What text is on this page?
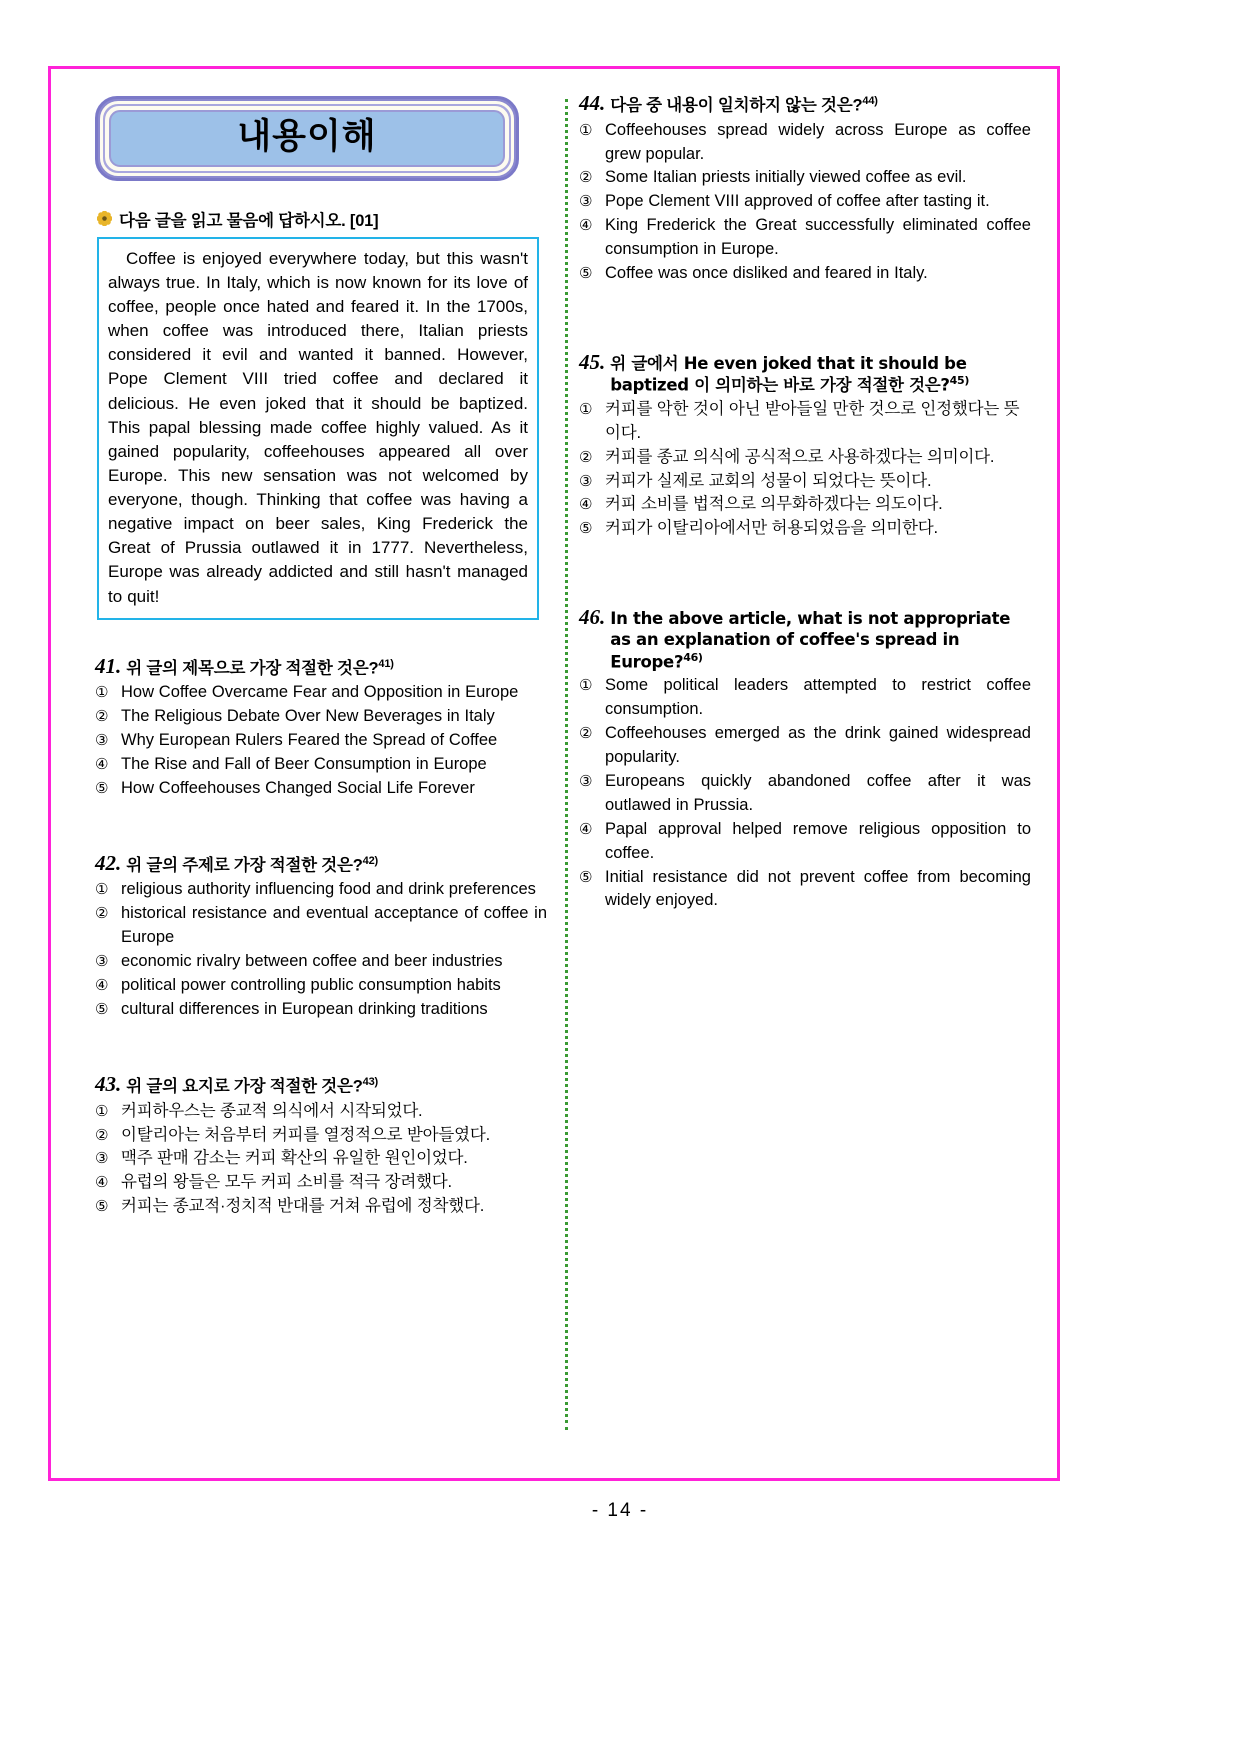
내용이해
다음 글을 읽고 물음에 답하시오. [01]
Coffee is enjoyed everywhere today, but this wasn't always true. In Italy, which is now known for its love of coffee, people once hated and feared it. In the 1700s, when coffee was introduced there, Italian priests considered it evil and wanted it banned. However, Pope Clement VIII tried coffee and declared it delicious. He even joked that it should be baptized. This papal blessing made coffee highly valued. As it gained popularity, coffeehouses appeared all over Europe. This new sensation was not welcomed by everyone, though. Thinking that coffee was having a negative impact on beer sales, King Frederick the Great of Prussia outlawed it in 1777. Nevertheless, Europe was already addicted and still hasn't managed to quit!
41. 위 글의 제목으로 가장 적절한 것은?$^{41)}$
① How Coffee Overcame Fear and Opposition in Europe
② The Religious Debate Over New Beverages in Italy
③ Why European Rulers Feared the Spread of Coffee
④ The Rise and Fall of Beer Consumption in Europe
⑤ How Coffeehouses Changed Social Life Forever
42. 위 글의 주제로 가장 적절한 것은?$^{42)}$
① religious authority influencing food and drink preferences
② historical resistance and eventual acceptance of coffee in Europe
③ economic rivalry between coffee and beer industries
④ political power controlling public consumption habits
⑤ cultural differences in European drinking traditions
43. 위 글의 요지로 가장 적절한 것은?$^{43)}$
① 커피하우스는 종교적 의식에서 시작되었다.
② 이탈리아는 처음부터 커피를 열정적으로 받아들였다.
③ 맥주 판매 감소는 커피 확산의 유일한 원인이었다.
④ 유럽의 왕들은 모두 커피 소비를 적극 장려했다.
⑤ 커피는 종교적·정치적 반대를 거쳐 유럽에 정착했다.
44. 다음 중 내용이 일치하지 않는 것은?$^{44)}$
① Coffeehouses spread widely across Europe as coffee grew popular.
② Some Italian priests initially viewed coffee as evil.
③ Pope Clement VIII approved of coffee after tasting it.
④ King Frederick the Great successfully eliminated coffee consumption in Europe.
⑤ Coffee was once disliked and feared in Italy.
45. 위 글에서 He even joked that it should be baptized 이 의미하는 바로 가장 적절한 것은?$^{45)}$
① 커피를 악한 것이 아닌 받아들일 만한 것으로 인정했다는 뜻이다.
② 커피를 종교 의식에 공식적으로 사용하겠다는 의미이다.
③ 커피가 실제로 교회의 성물이 되었다는 뜻이다.
④ 커피 소비를 법적으로 의무화하겠다는 의도이다.
⑤ 커피가 이탈리아에서만 허용되었음을 의미한다.
46. In the above article, what is not appropriate as an explanation of coffee's spread in Europe?$^{46)}$
① Some political leaders attempted to restrict coffee consumption.
② Coffeehouses emerged as the drink gained widespread popularity.
③ Europeans quickly abandoned coffee after it was outlawed in Prussia.
④ Papal approval helped remove religious opposition to coffee.
⑤ Initial resistance did not prevent coffee from becoming widely enjoyed.
- 14 -
